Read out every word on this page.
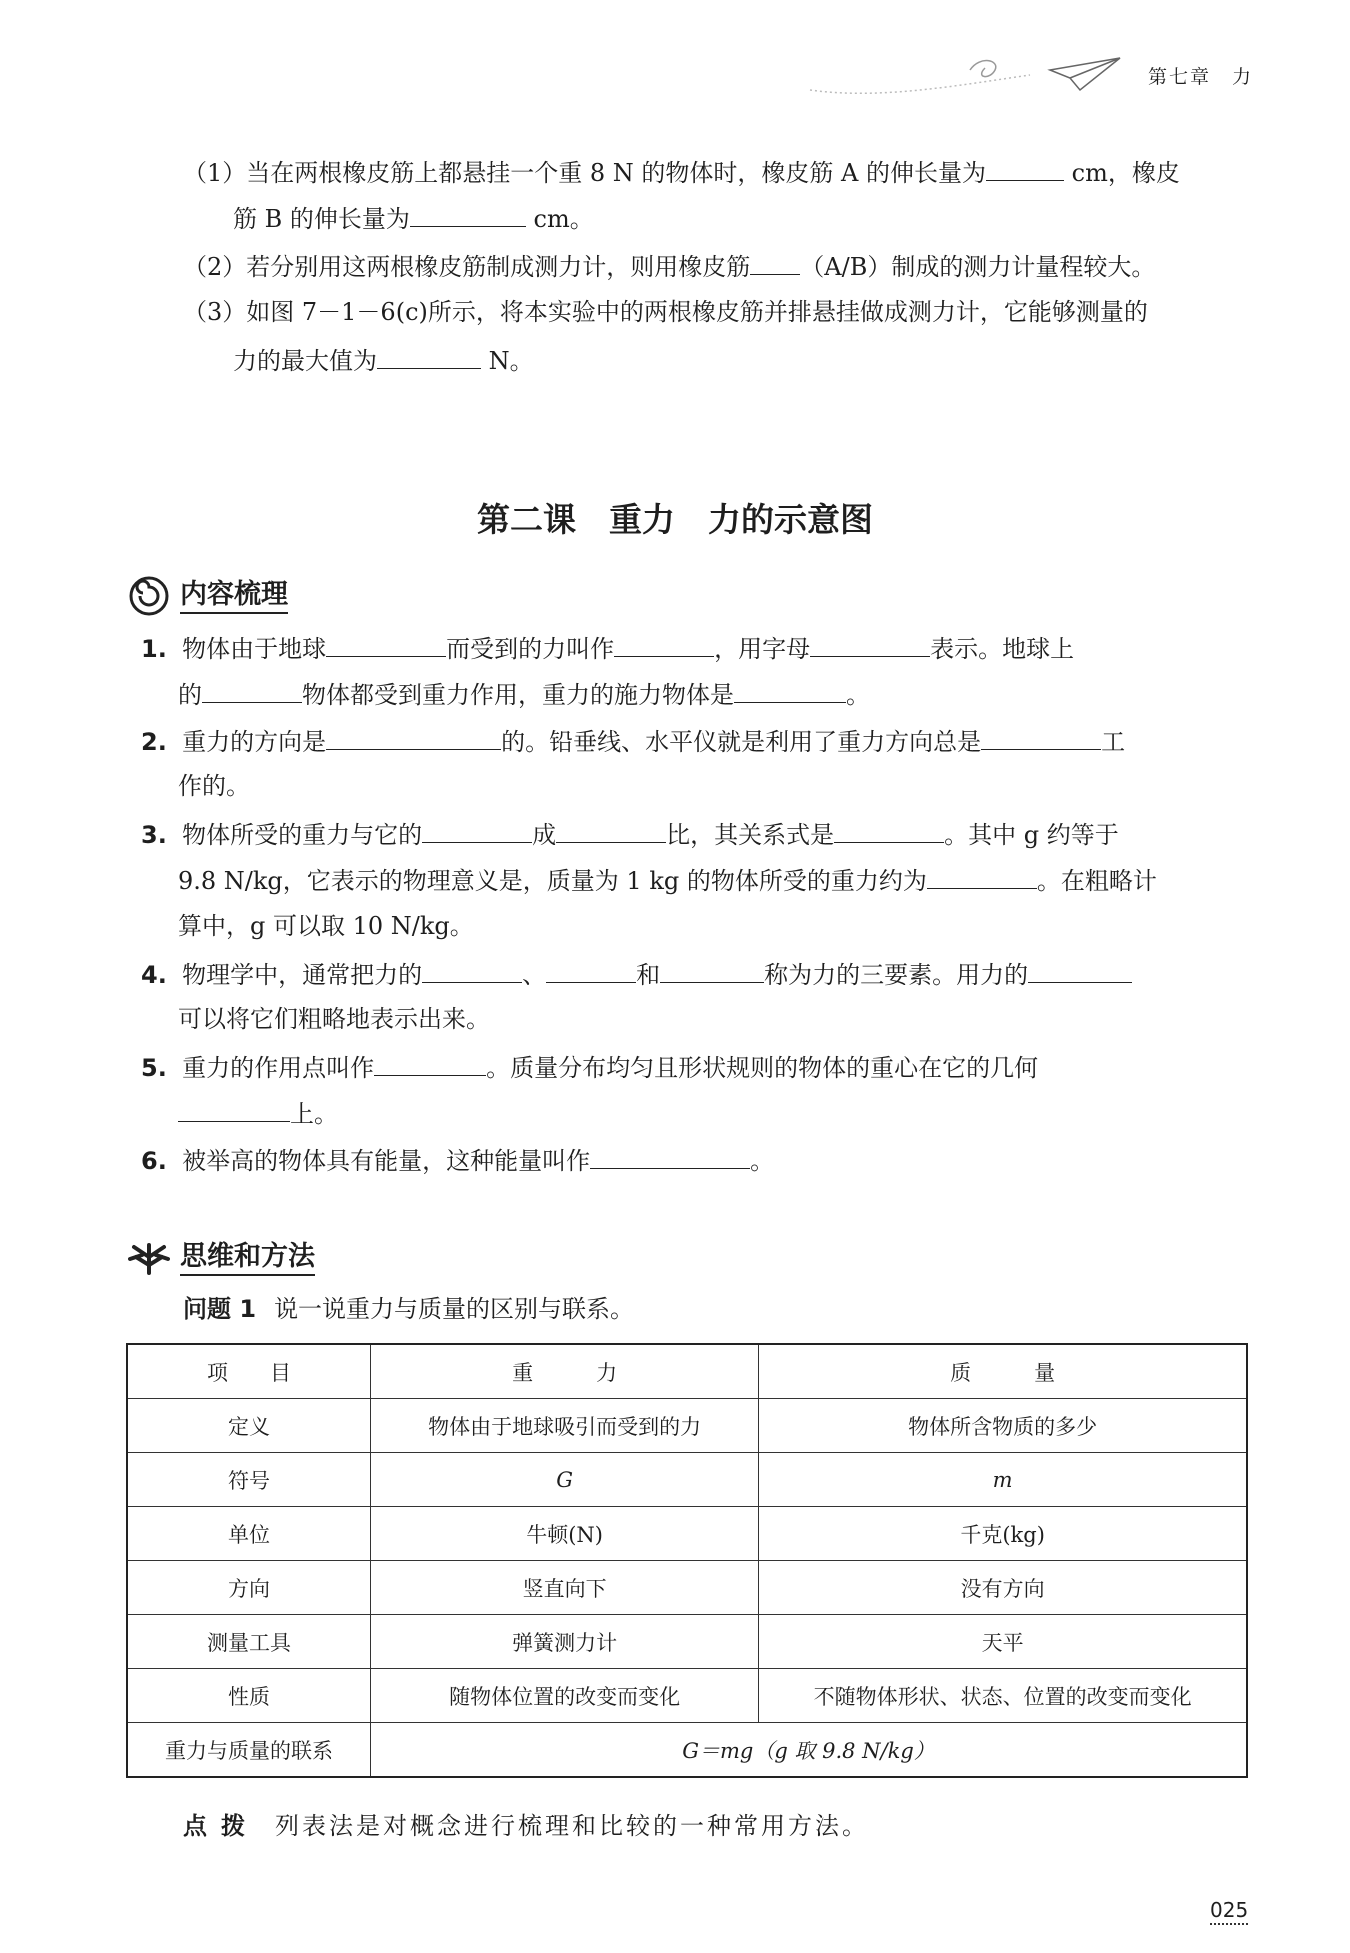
第七章　力
（1）当在两根橡皮筋上都悬挂一个重 8 N 的物体时，橡皮筋 A 的伸长量为	cm，橡皮
筋 B 的伸长量为	cm。
（2）若分别用这两根橡皮筋制成测力计，则用橡皮筋 （A/B）制成的测力计量程较大。
（3）如图 7－1－6(c)所示，将本实验中的两根橡皮筋并排悬挂做成测力计，它能够测量的
力的最大值为	N。
第二课　重力　力的示意图
内容梳理
1. 物体由于地球	而受到的力叫作	，用字母	表示。地球上
的	物体都受到重力作用，重力的施力物体是	。
2. 重力的方向是	的。铅垂线、水平仪就是利用了重力方向总是	工
作的。
3. 物体所受的重力与它的	成	比，其关系式是	。其中 g 约等于
9.8 N/kg，它表示的物理意义是，质量为 1 kg 的物体所受的重力约为	。在粗略计
算中，g 可以取 10 N/kg。
4. 物理学中，通常把力的	、	和	称为力的三要素。用力的
可以将它们粗略地表示出来。
5. 重力的作用点叫作	。质量分布均匀且形状规则的物体的重心在它的几何
上。
6. 被举高的物体具有能量，这种能量叫作	。
思维和方法
问题 1 说一说重力与质量的区别与联系。
项　　目	重　　　力	质　　　量
定义	物体由于地球吸引而受到的力	物体所含物质的多少
符号	G	m
单位	牛顿(N)	千克(kg)
方向	竖直向下	没有方向
测量工具	弹簧测力计	天平
性质	随物体位置的改变而变化	不随物体形状、状态、位置的改变而变化
重力与质量的联系	G＝mg（g 取 9.8 N/kg）	
点拨 列表法是对概念进行梳理和比较的一种常用方法。
025
